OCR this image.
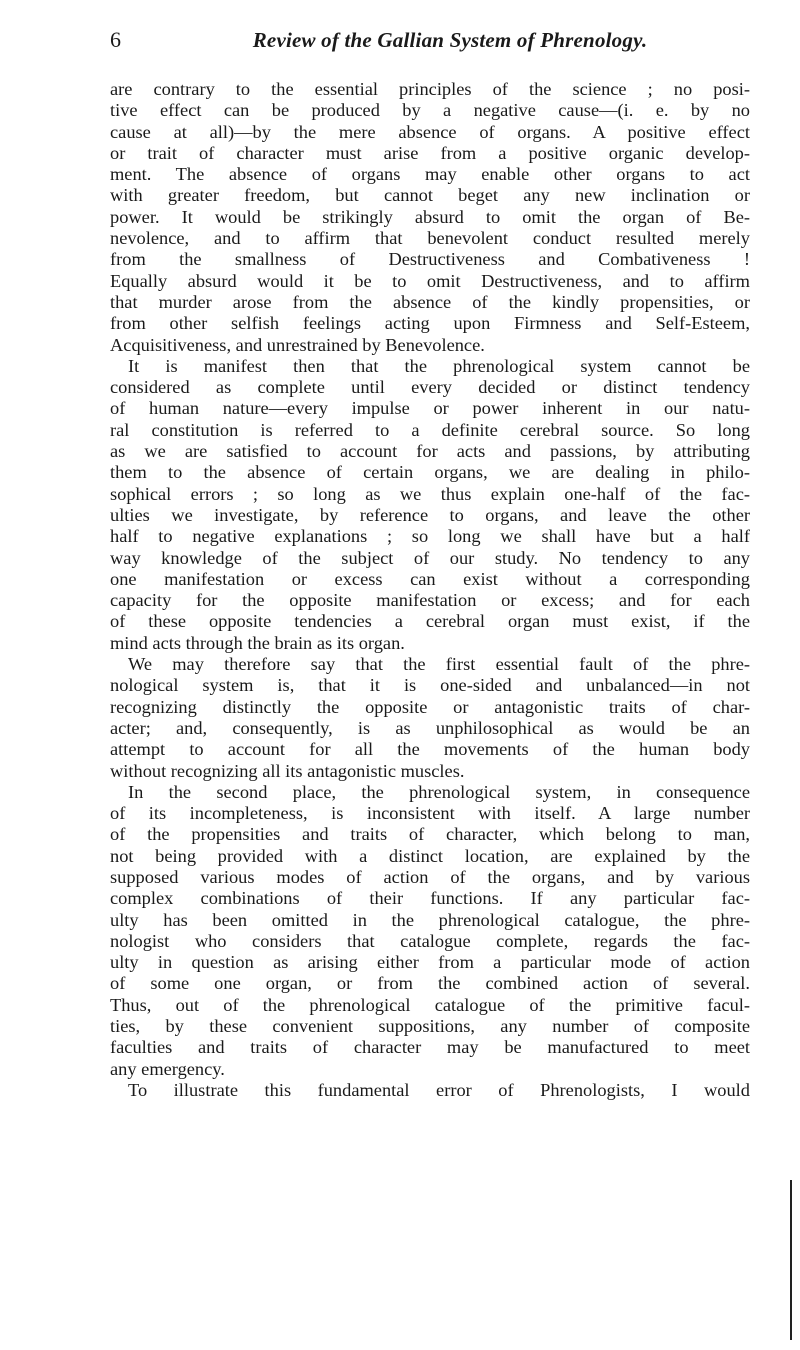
6	Review of the Gallian System of Phrenology.
are contrary to the essential principles of the science ; no posi-
tive effect can be produced by a negative cause—(i. e. by no
cause at all)—by the mere absence of organs. A positive effect
or trait of character must arise from a positive organic develop-
ment. The absence of organs may enable other organs to act
with greater freedom, but cannot beget any new inclination or
power. It would be strikingly absurd to omit the organ of Be-
nevolence, and to affirm that benevolent conduct resulted merely
from the smallness of Destructiveness and Combativeness !
Equally absurd would it be to omit Destructiveness, and to affirm
that murder arose from the absence of the kindly propensities, or
from other selfish feelings acting upon Firmness and Self-Esteem,
Acquisitiveness, and unrestrained by Benevolence.
It is manifest then that the phrenological system cannot be
considered as complete until every decided or distinct tendency
of human nature—every impulse or power inherent in our natu-
ral constitution is referred to a definite cerebral source. So long
as we are satisfied to account for acts and passions, by attributing
them to the absence of certain organs, we are dealing in philo-
sophical errors ; so long as we thus explain one-half of the fac-
ulties we investigate, by reference to organs, and leave the other
half to negative explanations ; so long we shall have but a half
way knowledge of the subject of our study. No tendency to any
one manifestation or excess can exist without a corresponding
capacity for the opposite manifestation or excess; and for each
of these opposite tendencies a cerebral organ must exist, if the
mind acts through the brain as its organ.
We may therefore say that the first essential fault of the phre-
nological system is, that it is one-sided and unbalanced—in not
recognizing distinctly the opposite or antagonistic traits of char-
acter; and, consequently, is as unphilosophical as would be an
attempt to account for all the movements of the human body
without recognizing all its antagonistic muscles.
In the second place, the phrenological system, in consequence
of its incompleteness, is inconsistent with itself. A large number
of the propensities and traits of character, which belong to man,
not being provided with a distinct location, are explained by the
supposed various modes of action of the organs, and by various
complex combinations of their functions. If any particular fac-
ulty has been omitted in the phrenological catalogue, the phre-
nologist who considers that catalogue complete, regards the fac-
ulty in question as arising either from a particular mode of action
of some one organ, or from the combined action of several.
Thus, out of the phrenological catalogue of the primitive facul-
ties, by these convenient suppositions, any number of composite
faculties and traits of character may be manufactured to meet
any emergency.
To illustrate this fundamental error of Phrenologists, I would
